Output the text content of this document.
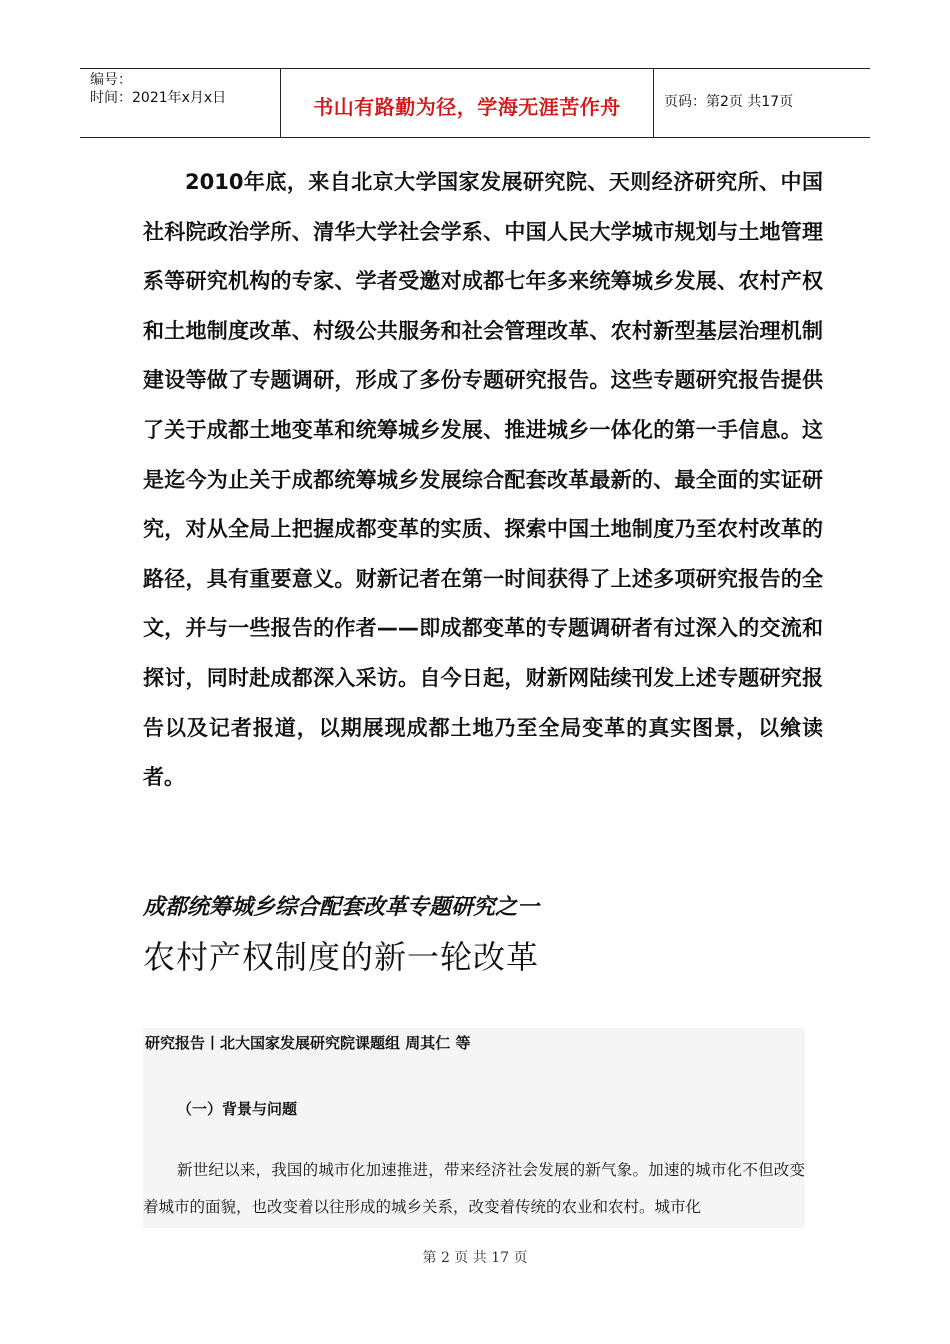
编号：
时间：2021年x月x日	书山有路勤为径，学海无涯苦作舟	页码：第2页 共17页

2010年底，来自北京大学国家发展研究院、天则经济研究所、中国社科院政治学所、清华大学社会学系、中国人民大学城市规划与土地管理系等研究机构的专家、学者受邀对成都七年多来统筹城乡发展、农村产权和土地制度改革、村级公共服务和社会管理改革、农村新型基层治理机制建设等做了专题调研，形成了多份专题研究报告。这些专题研究报告提供了关于成都土地变革和统筹城乡发展、推进城乡一体化的第一手信息。这是迄今为止关于成都统筹城乡发展综合配套改革最新的、最全面的实证研究，对从全局上把握成都变革的实质、探索中国土地制度乃至农村改革的路径，具有重要意义。财新记者在第一时间获得了上述多项研究报告的全文，并与一些报告的作者——即成都变革的专题调研者有过深入的交流和探讨，同时赴成都深入采访。自今日起，财新网陆续刊发上述专题研究报告以及记者报道，以期展现成都土地乃至全局变革的真实图景，以飨读者。

成都统筹城乡综合配套改革专题研究之一
农村产权制度的新一轮改革
研究报告丨北大国家发展研究院课题组 周其仁 等
（一）背景与问题

新世纪以来，我国的城市化加速推进，带来经济社会发展的新气象。加速的城市化不但改变着城市的面貌，也改变着以往形成的城乡关系，改变着传统的农业和农村。城市化

第 2 页 共 17 页
